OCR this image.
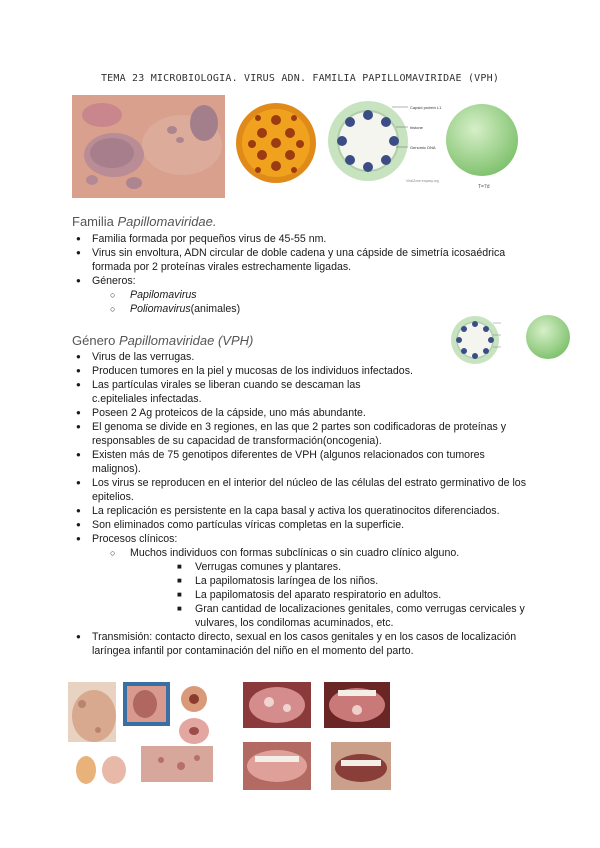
TEMA 23 MICROBIOLOGIA. VIRUS ADN. FAMILIA PAPILLOMAVIRIDAE (VPH)
Capsid protein L1
histone
Genomic DNA
ViralZone.expasy.org
T=7d
Familia Papillomaviridae.
● Familia formada por pequeños virus de 45-55 nm.
● Virus sin envoltura, ADN circular de doble cadena y una cápside de simetría icosaédrica formada por 2 proteínas virales estrechamente ligadas.
● Géneros:
○ Papilomavirus
○ Poliomavirus(animales)
Género Papillomaviridae (VPH)
● Virus de las verrugas.
● Producen tumores en la piel y mucosas de los individuos infectados.
● Las partículas virales se liberan cuando se descaman las c.epiteliales infectadas.
● Poseen 2 Ag proteicos de la cápside, uno más abundante.
● El genoma se divide en 3 regiones, en las que 2 partes son codificadoras de proteínas y responsables de su capacidad de transformación(oncogenia).
● Existen más de 75 genotipos diferentes de VPH (algunos relacionados con tumores malignos).
● Los virus se reproducen en el interior del núcleo de las células del estrato germinativo de los epitelios.
● La replicación es persistente en la capa basal y activa los queratinocitos diferenciados.
● Son eliminados como partículas víricas completas en la superficie.
● Procesos clínicos:
○ Muchos individuos con formas subclínicas o sin cuadro clínico alguno.
■ Verrugas comunes y plantares.
■ La papilomatosis laríngea de los niños.
■ La papilomatosis del aparato respiratorio en adultos.
■ Gran cantidad de localizaciones genitales, como verrugas cervicales y vulvares, los condilomas acuminados, etc.
● Transmisión: contacto directo, sexual en los casos genitales y en los casos de localización laríngea infantil por contaminación del niño en el momento del parto.
